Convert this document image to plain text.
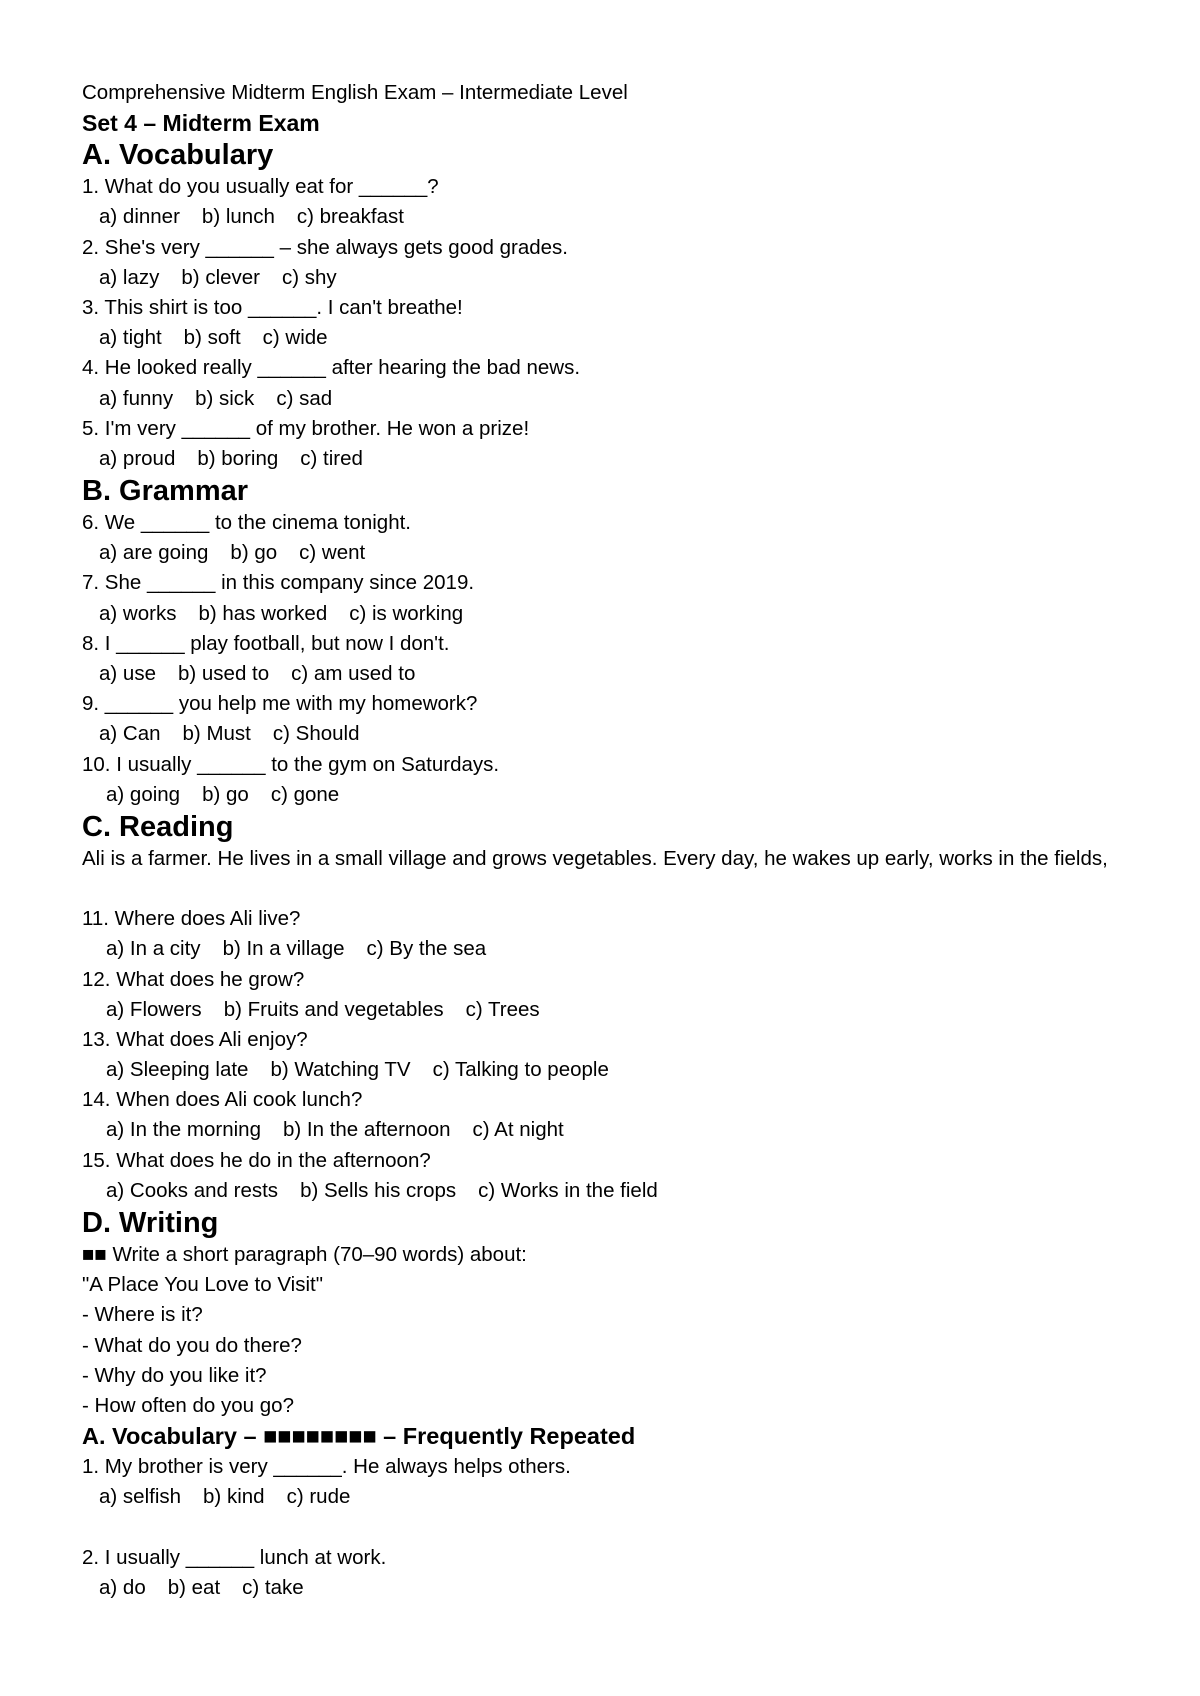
Comprehensive Midterm English Exam – Intermediate Level
Set 4 – Midterm Exam
A. Vocabulary
1. What do you usually eat for ______?
a) dinner b) lunch c) breakfast
2. She's very ______ – she always gets good grades.
a) lazy b) clever c) shy
3. This shirt is too ______. I can't breathe!
a) tight b) soft c) wide
4. He looked really ______ after hearing the bad news.
a) funny b) sick c) sad
5. I'm very ______ of my brother. He won a prize!
a) proud b) boring c) tired
B. Grammar
6. We ______ to the cinema tonight.
a) are going b) go c) went
7. She ______ in this company since 2019.
a) works b) has worked c) is working
8. I ______ play football, but now I don't.
a) use b) used to c) am used to
9. ______ you help me with my homework?
a) Can b) Must c) Should
10. I usually ______ to the gym on Saturdays.
a) going b) go c) gone
C. Reading
Ali is a farmer. He lives in a small village and grows vegetables. Every day, he wakes up early, works in the fields,
11. Where does Ali live?
a) In a city b) In a village c) By the sea
12. What does he grow?
a) Flowers b) Fruits and vegetables c) Trees
13. What does Ali enjoy?
a) Sleeping late b) Watching TV c) Talking to people
14. When does Ali cook lunch?
a) In the morning b) In the afternoon c) At night
15. What does he do in the afternoon?
a) Cooks and rests b) Sells his crops c) Works in the field
D. Writing
■■ Write a short paragraph (70–90 words) about:
"A Place You Love to Visit"
- Where is it?
- What do you do there?
- Why do you like it?
- How often do you go?
A. Vocabulary – ■■■■■■■■ – Frequently Repeated
1. My brother is very ______. He always helps others.
a) selfish b) kind c) rude
2. I usually ______ lunch at work.
a) do b) eat c) take
